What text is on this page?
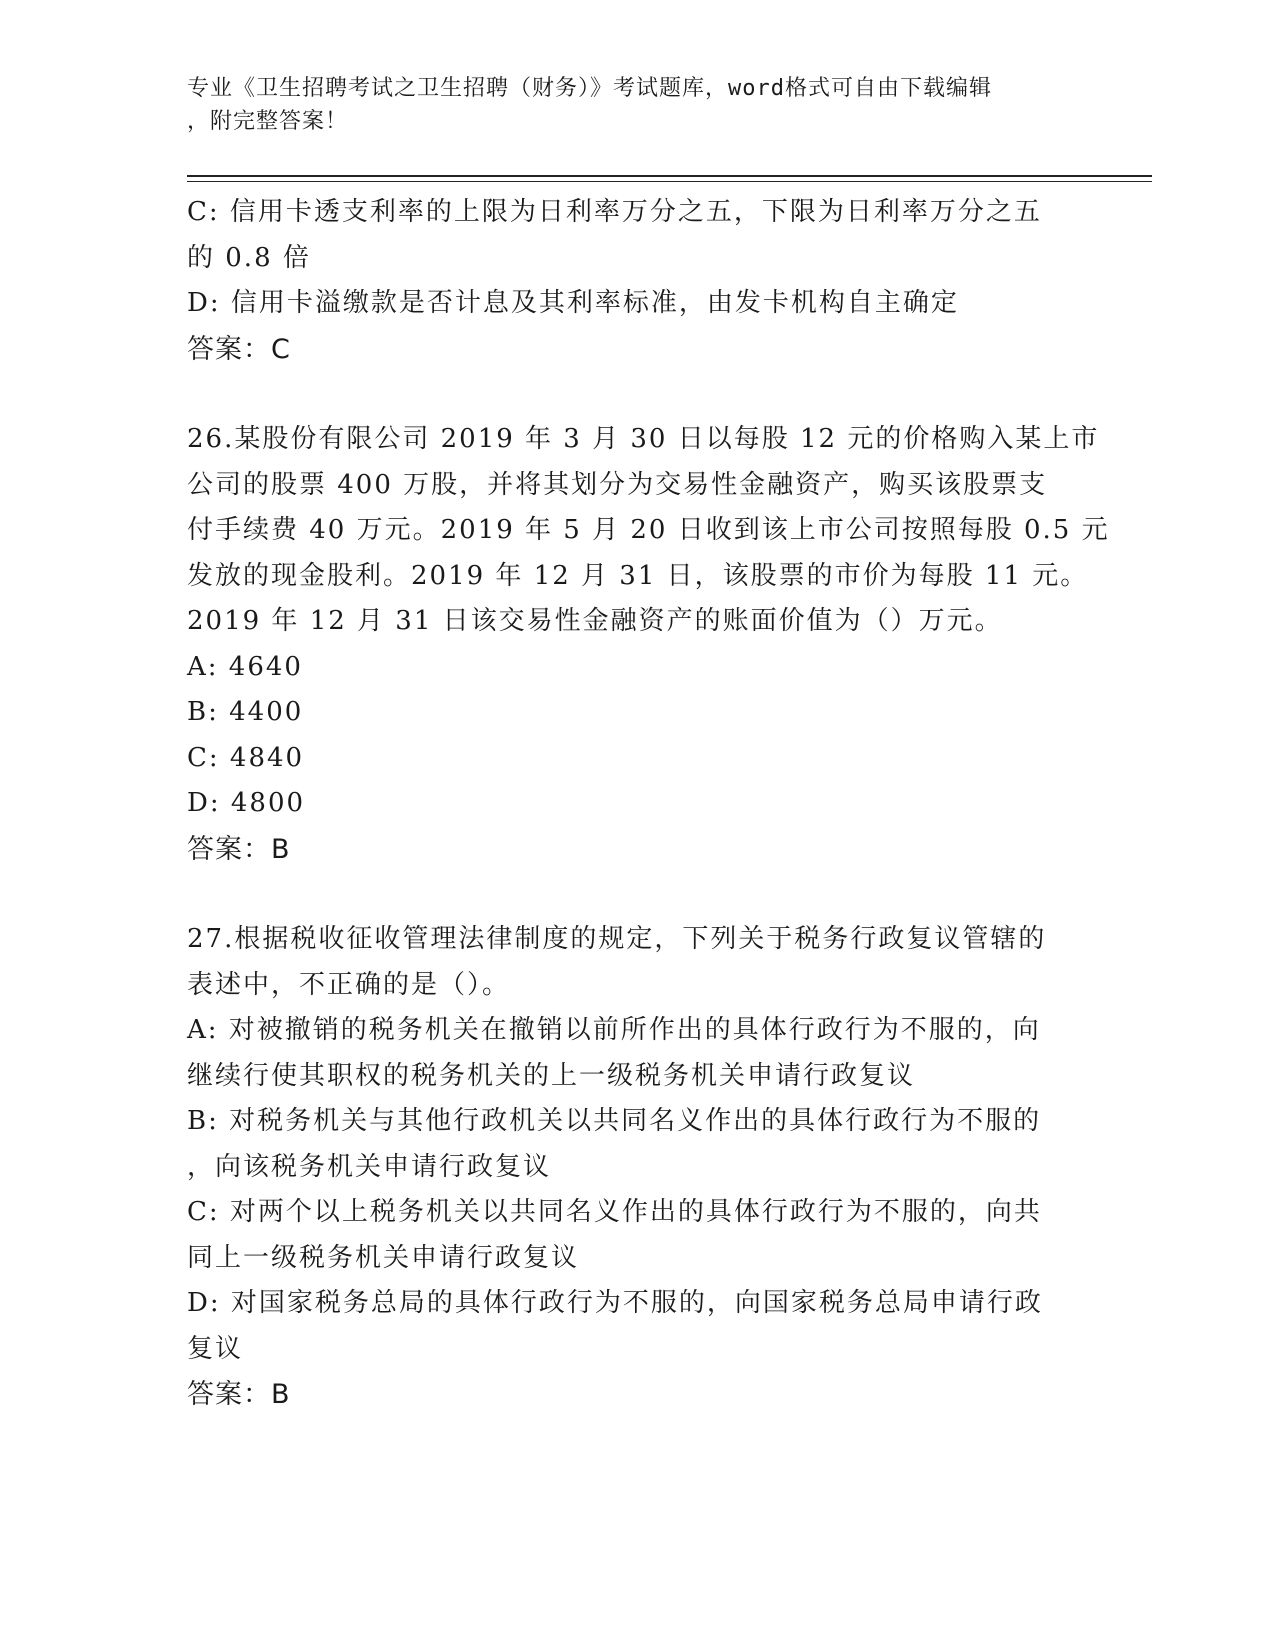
专业《卫生招聘考试之卫生招聘（财务）》考试题库，word格式可自由下载编辑
，附完整答案！
C: 信用卡透支利率的上限为日利率万分之五，下限为日利率万分之五
的 0.8 倍
D: 信用卡溢缴款是否计息及其利率标准，由发卡机构自主确定
答案：C
26.某股份有限公司 2019 年 3 月 30 日以每股 12 元的价格购入某上市
公司的股票 400 万股，并将其划分为交易性金融资产，购买该股票支
付手续费 40 万元。2019 年 5 月 20 日收到该上市公司按照每股 0.5 元
发放的现金股利。2019 年 12 月 31 日，该股票的市价为每股 11 元。
2019 年 12 月 31 日该交易性金融资产的账面价值为（）万元。
A: 4640
B: 4400
C: 4840
D: 4800
答案：B
27.根据税收征收管理法律制度的规定，下列关于税务行政复议管辖的
表述中，不正确的是（）。
A: 对被撤销的税务机关在撤销以前所作出的具体行政行为不服的，向
继续行使其职权的税务机关的上一级税务机关申请行政复议
B: 对税务机关与其他行政机关以共同名义作出的具体行政行为不服的
，向该税务机关申请行政复议
C: 对两个以上税务机关以共同名义作出的具体行政行为不服的，向共
同上一级税务机关申请行政复议
D: 对国家税务总局的具体行政行为不服的，向国家税务总局申请行政
复议
答案：B
